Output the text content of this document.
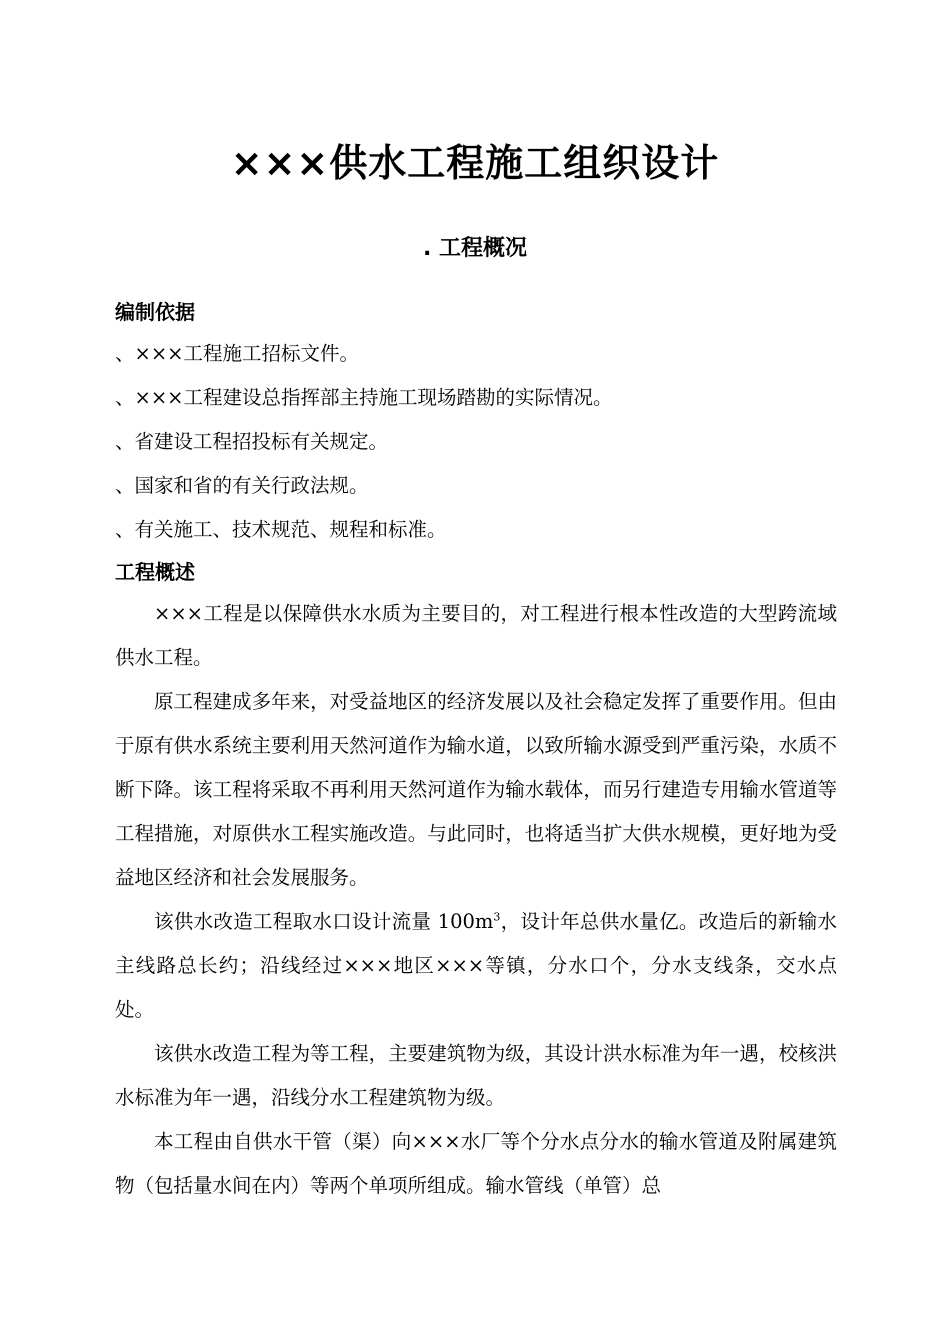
×××供水工程施工组织设计
. 工程概况
编制依据
、×××工程施工招标文件。
、×××工程建设总指挥部主持施工现场踏勘的实际情况。
、省建设工程招投标有关规定。
、国家和省的有关行政法规。
、有关施工、技术规范、规程和标准。
工程概述

×××工程是以保障供水水质为主要目的，对工程进行根本性改造的大型跨流域供水工程。

原工程建成多年来，对受益地区的经济发展以及社会稳定发挥了重要作用。但由于原有供水系统主要利用天然河道作为输水道，以致所输水源受到严重污染，水质不断下降。该工程将采取不再利用天然河道作为输水载体，而另行建造专用输水管道等工程措施，对原供水工程实施改造。与此同时，也将适当扩大供水规模，更好地为受益地区经济和社会发展服务。

该供水改造工程取水口设计流量 $100m^3$，设计年总供水量亿。改造后的新输水主线路总长约；沿线经过×××地区×××等镇，分水口个，分水支线条，交水点处。

该供水改造工程为等工程，主要建筑物为级，其设计洪水标准为年一遇，校核洪水标准为年一遇，沿线分水工程建筑物为级。

本工程由自供水干管（渠）向×××水厂等个分水点分水的输水管道及附属建筑物（包括量水间在内）等两个单项所组成。输水管线（单管）总
